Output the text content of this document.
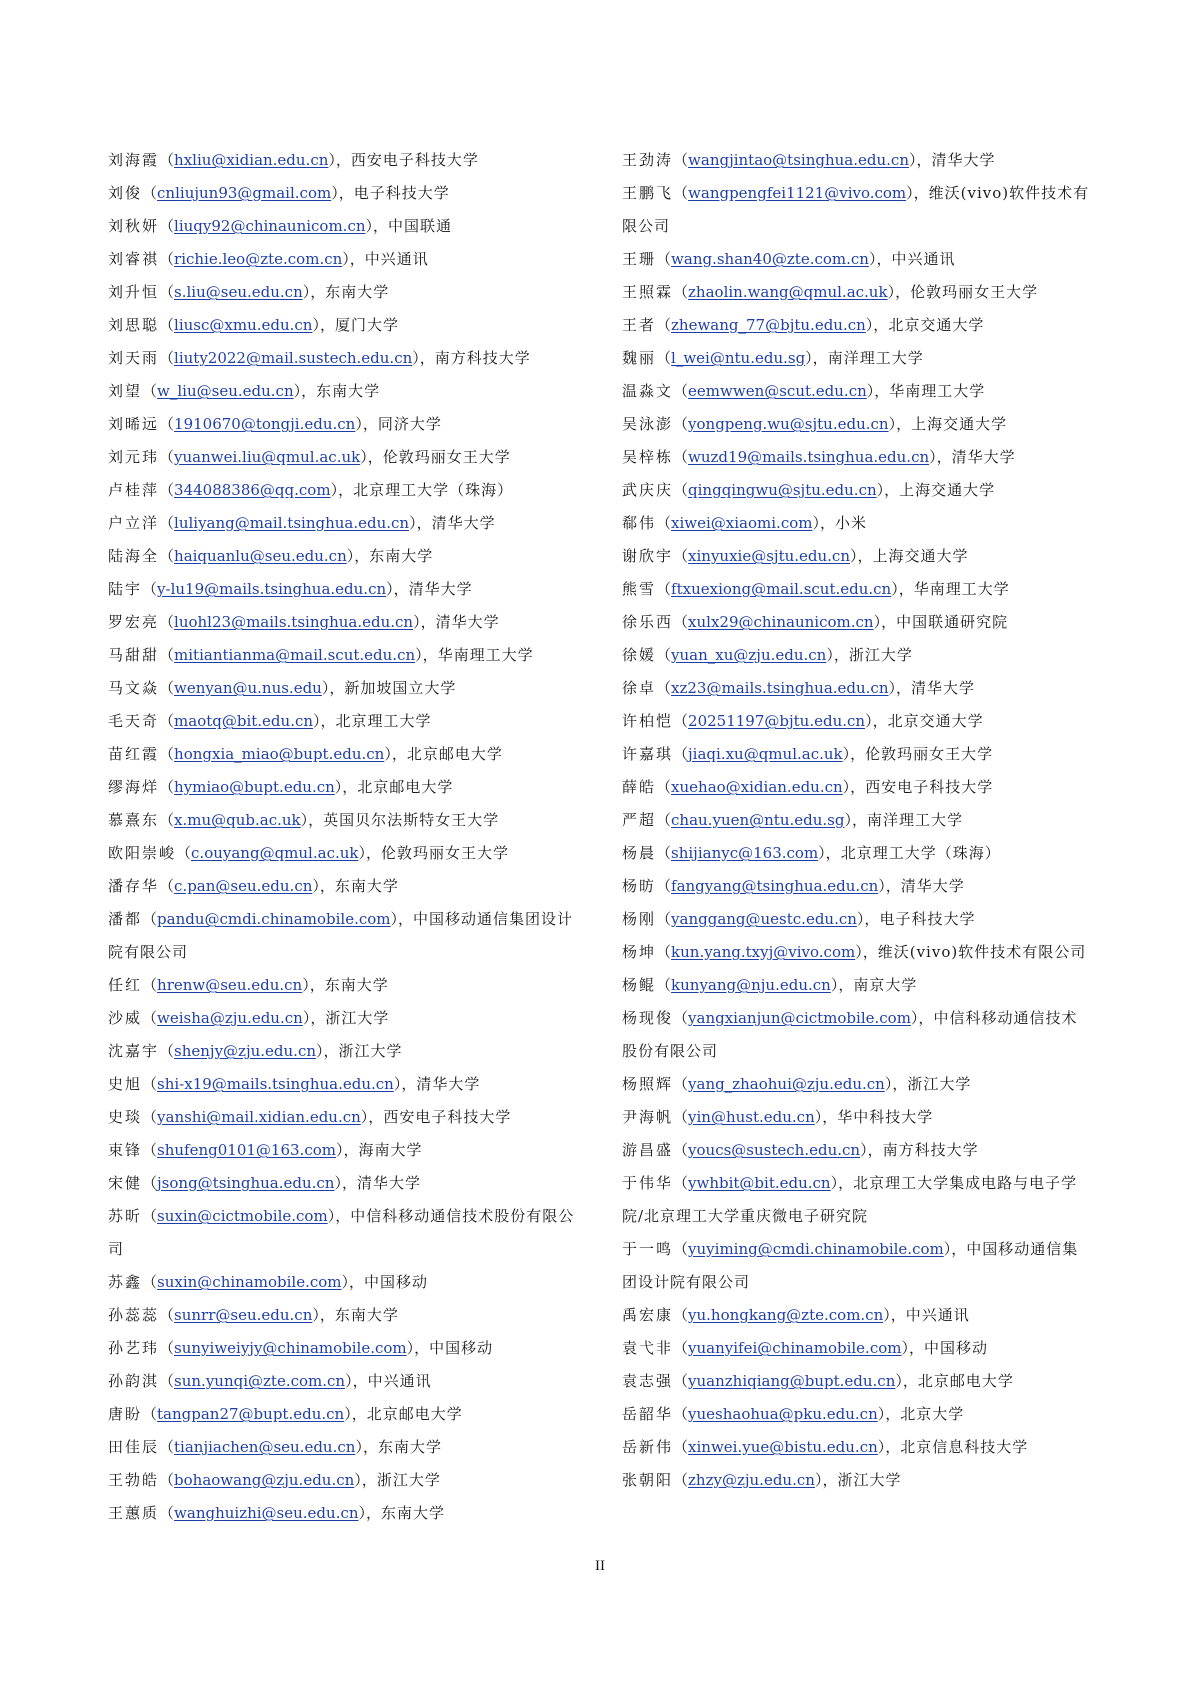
刘海霞（hxliu@xidian.edu.cn），西安电子科技大学
刘俊（cnliujun93@gmail.com），电子科技大学
刘秋妍（liuqy92@chinaunicom.cn），中国联通
刘睿祺（richie.leo@zte.com.cn），中兴通讯
刘升恒（s.liu@seu.edu.cn），东南大学
刘思聪（liusc@xmu.edu.cn），厦门大学
刘天雨（liuty2022@mail.sustech.edu.cn），南方科技大学
刘望（w_liu@seu.edu.cn），东南大学
刘晞远（1910670@tongji.edu.cn），同济大学
刘元玮（yuanwei.liu@qmul.ac.uk），伦敦玛丽女王大学
卢桂萍（344088386@qq.com），北京理工大学（珠海）
户立洋（luliyang@mail.tsinghua.edu.cn），清华大学
陆海全（haiquanlu@seu.edu.cn），东南大学
陆宇（y-lu19@mails.tsinghua.edu.cn），清华大学
罗宏亮（luohl23@mails.tsinghua.edu.cn），清华大学
马甜甜（mitiantianma@mail.scut.edu.cn），华南理工大学
马文焱（wenyan@u.nus.edu），新加坡国立大学
毛天奇（maotq@bit.edu.cn），北京理工大学
苗红霞（hongxia_miao@bupt.edu.cn），北京邮电大学
缪海烊（hymiao@bupt.edu.cn），北京邮电大学
慕熹东（x.mu@qub.ac.uk），英国贝尔法斯特女王大学
欧阳崇峻（c.ouyang@qmul.ac.uk），伦敦玛丽女王大学
潘存华（c.pan@seu.edu.cn），东南大学
潘都（pandu@cmdi.chinamobile.com），中国移动通信集团设计院有限公司
任红（hrenw@seu.edu.cn），东南大学
沙威（weisha@zju.edu.cn），浙江大学
沈嘉宇（shenjy@zju.edu.cn），浙江大学
史旭（shi-x19@mails.tsinghua.edu.cn），清华大学
史琰（yanshi@mail.xidian.edu.cn），西安电子科技大学
束锋（shufeng0101@163.com），海南大学
宋健（jsong@tsinghua.edu.cn），清华大学
苏昕（suxin@cictmobile.com），中信科移动通信技术股份有限公司
苏鑫（suxin@chinamobile.com），中国移动
孙蕊蕊（sunrr@seu.edu.cn），东南大学
孙艺玮（sunyiweiyjy@chinamobile.com），中国移动
孙韵淇（sun.yunqi@zte.com.cn），中兴通讯
唐盼（tangpan27@bupt.edu.cn），北京邮电大学
田佳辰（tianjiachen@seu.edu.cn），东南大学
王勃皓（bohaowang@zju.edu.cn），浙江大学
王蕙质（wanghuizhi@seu.edu.cn），东南大学
王劲涛（wangjintao@tsinghua.edu.cn），清华大学
王鹏飞（wangpengfei1121@vivo.com），维沃(vivo)软件技术有限公司
王珊（wang.shan40@zte.com.cn），中兴通讯
王照霖（zhaolin.wang@qmul.ac.uk），伦敦玛丽女王大学
王者（zhewang_77@bjtu.edu.cn），北京交通大学
魏丽（l_wei@ntu.edu.sg），南洋理工大学
温淼文（eemwwen@scut.edu.cn），华南理工大学
吴泳澎（yongpeng.wu@sjtu.edu.cn），上海交通大学
吴梓栋（wuzd19@mails.tsinghua.edu.cn），清华大学
武庆庆（qingqingwu@sjtu.edu.cn），上海交通大学
郗伟（xiwei@xiaomi.com），小米
谢欣宇（xinyuxie@sjtu.edu.cn），上海交通大学
熊雪（ftxuexiong@mail.scut.edu.cn），华南理工大学
徐乐西（xulx29@chinaunicom.cn），中国联通研究院
徐媛（yuan_xu@zju.edu.cn），浙江大学
徐卓（xz23@mails.tsinghua.edu.cn），清华大学
许柏恺（20251197@bjtu.edu.cn），北京交通大学
许嘉琪（jiaqi.xu@qmul.ac.uk），伦敦玛丽女王大学
薛皓（xuehao@xidian.edu.cn），西安电子科技大学
严超（chau.yuen@ntu.edu.sg），南洋理工大学
杨晨（shijianyc@163.com），北京理工大学（珠海）
杨昉（fangyang@tsinghua.edu.cn），清华大学
杨刚（yanggang@uestc.edu.cn），电子科技大学
杨坤（kun.yang.txyj@vivo.com），维沃(vivo)软件技术有限公司
杨鲲（kunyang@nju.edu.cn），南京大学
杨现俊（yangxianjun@cictmobile.com），中信科移动通信技术股份有限公司
杨照辉（yang_zhaohui@zju.edu.cn），浙江大学
尹海帆（yin@hust.edu.cn），华中科技大学
游昌盛（youcs@sustech.edu.cn），南方科技大学
于伟华（ywhbit@bit.edu.cn），北京理工大学集成电路与电子学院/北京理工大学重庆微电子研究院
于一鸣（yuyiming@cmdi.chinamobile.com），中国移动通信集团设计院有限公司
禹宏康（yu.hongkang@zte.com.cn），中兴通讯
袁弋非（yuanyifei@chinamobile.com），中国移动
袁志强（yuanzhiqiang@bupt.edu.cn），北京邮电大学
岳韶华（yueshaohua@pku.edu.cn），北京大学
岳新伟（xinwei.yue@bistu.edu.cn），北京信息科技大学
张朝阳（zhzy@zju.edu.cn），浙江大学
II
